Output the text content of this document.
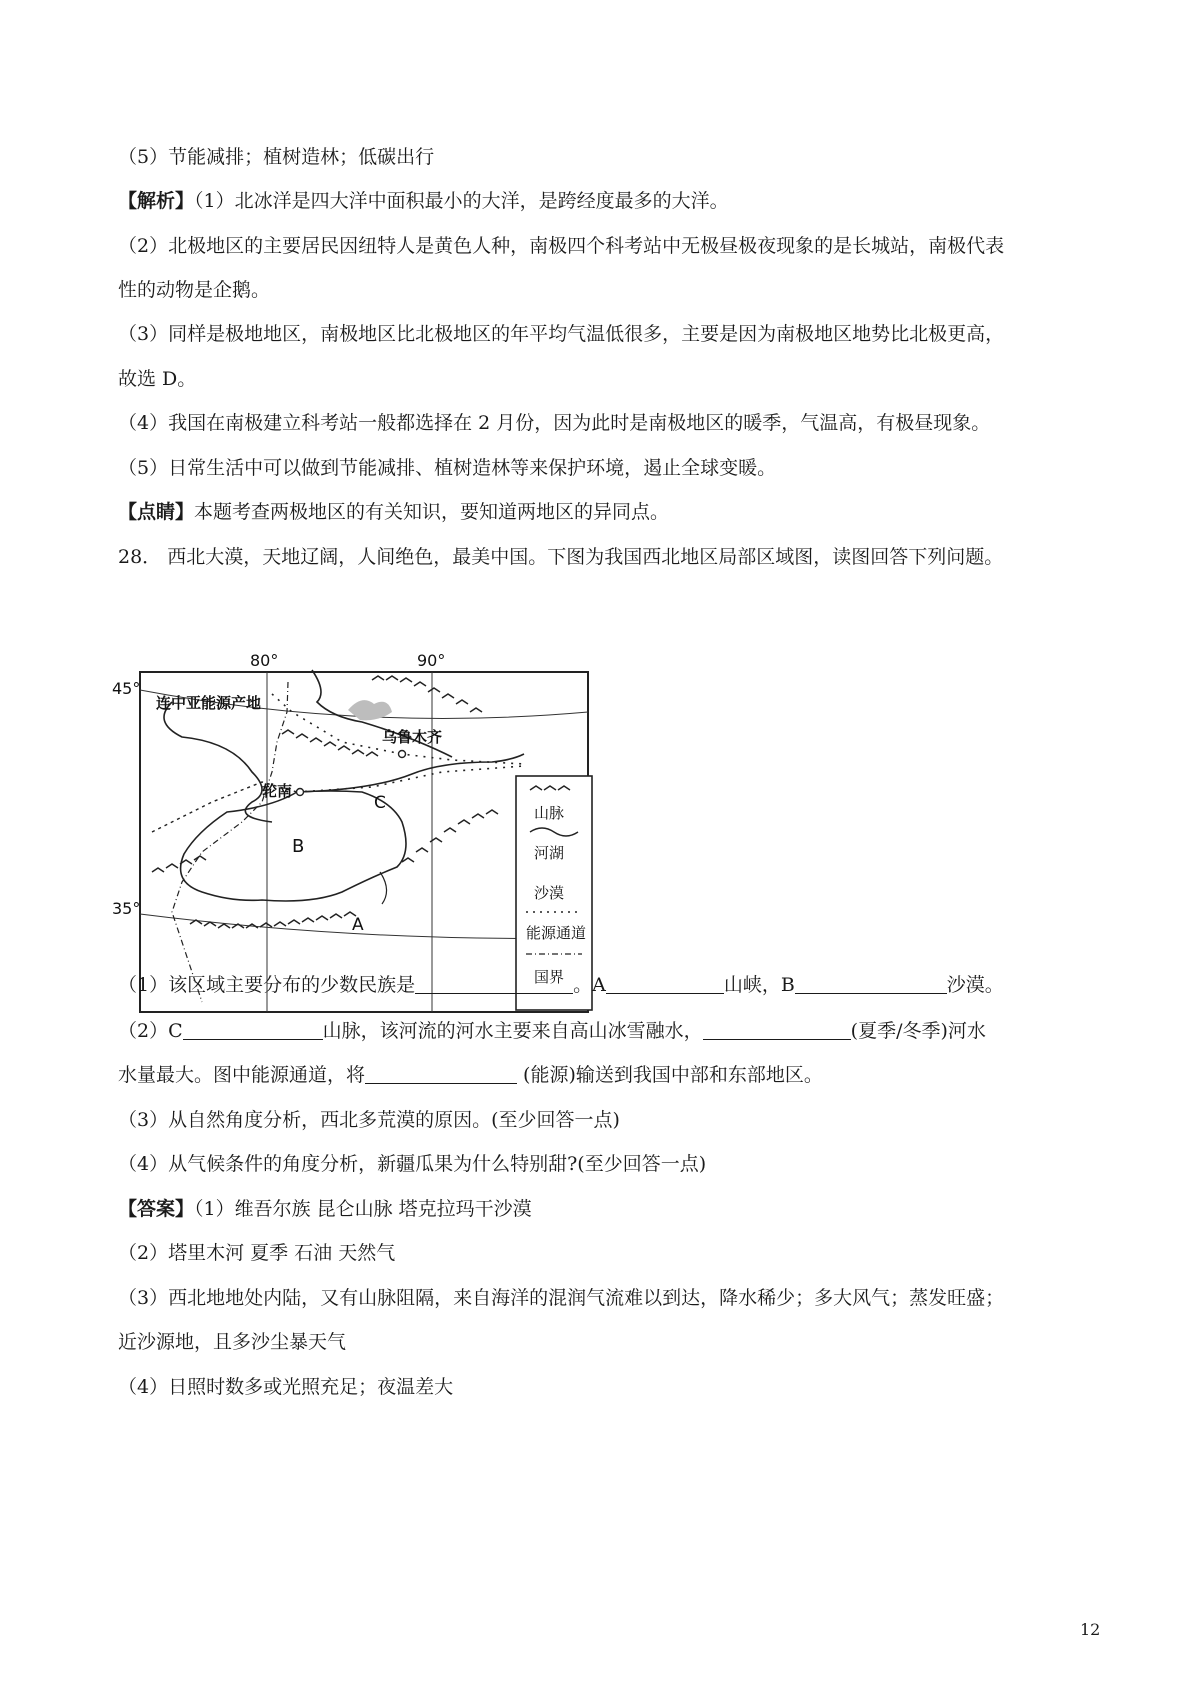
（5）节能减排；植树造林；低碳出行
【解析】（1）北冰洋是四大洋中面积最小的大洋，是跨经度最多的大洋。
（2）北极地区的主要居民因纽特人是黄色人种，南极四个科考站中无极昼极夜现象的是长城站，南极代表
性的动物是企鹅。
（3）同样是极地地区，南极地区比北极地区的年平均气温低很多，主要是因为南极地区地势比北极更高，
故选 D。
（4）我国在南极建立科考站一般都选择在 2 月份，因为此时是南极地区的暖季，气温高，有极昼现象。
（5）日常生活中可以做到节能减排、植树造林等来保护环境，遏止全球变暖。
【点睛】本题考查两极地区的有关知识，要知道两地区的异同点。
28． 西北大漠，天地辽阔，人间绝色，最美中国。下图为我国西北地区局部区域图，读图回答下列问题。
80°	90°
45°
35°
连中亚能源产地
乌鲁木齐
轮南
A
B
C	山脉
河湖
沙漠
能源通道
国界
（1）该区域主要分布的少数民族是	。A	山峡，B	沙漠。
（2）C	山脉，该河流的河水主要来自高山冰雪融水，	(夏季/冬季)河水
水量最大。图中能源通道，将	(能源)输送到我国中部和东部地区。
（3）从自然角度分析，西北多荒漠的原因。(至少回答一点)
（4）从气候条件的角度分析，新疆瓜果为什么特别甜?(至少回答一点)
【答案】（1）维吾尔族 昆仑山脉 塔克拉玛干沙漠
（2）塔里木河 夏季 石油 天然气
（3）西北地地处内陆，又有山脉阻隔，来自海洋的混润气流难以到达，降水稀少；多大风气；蒸发旺盛；
近沙源地，且多沙尘暴天气
（4）日照时数多或光照充足；夜温差大
12
